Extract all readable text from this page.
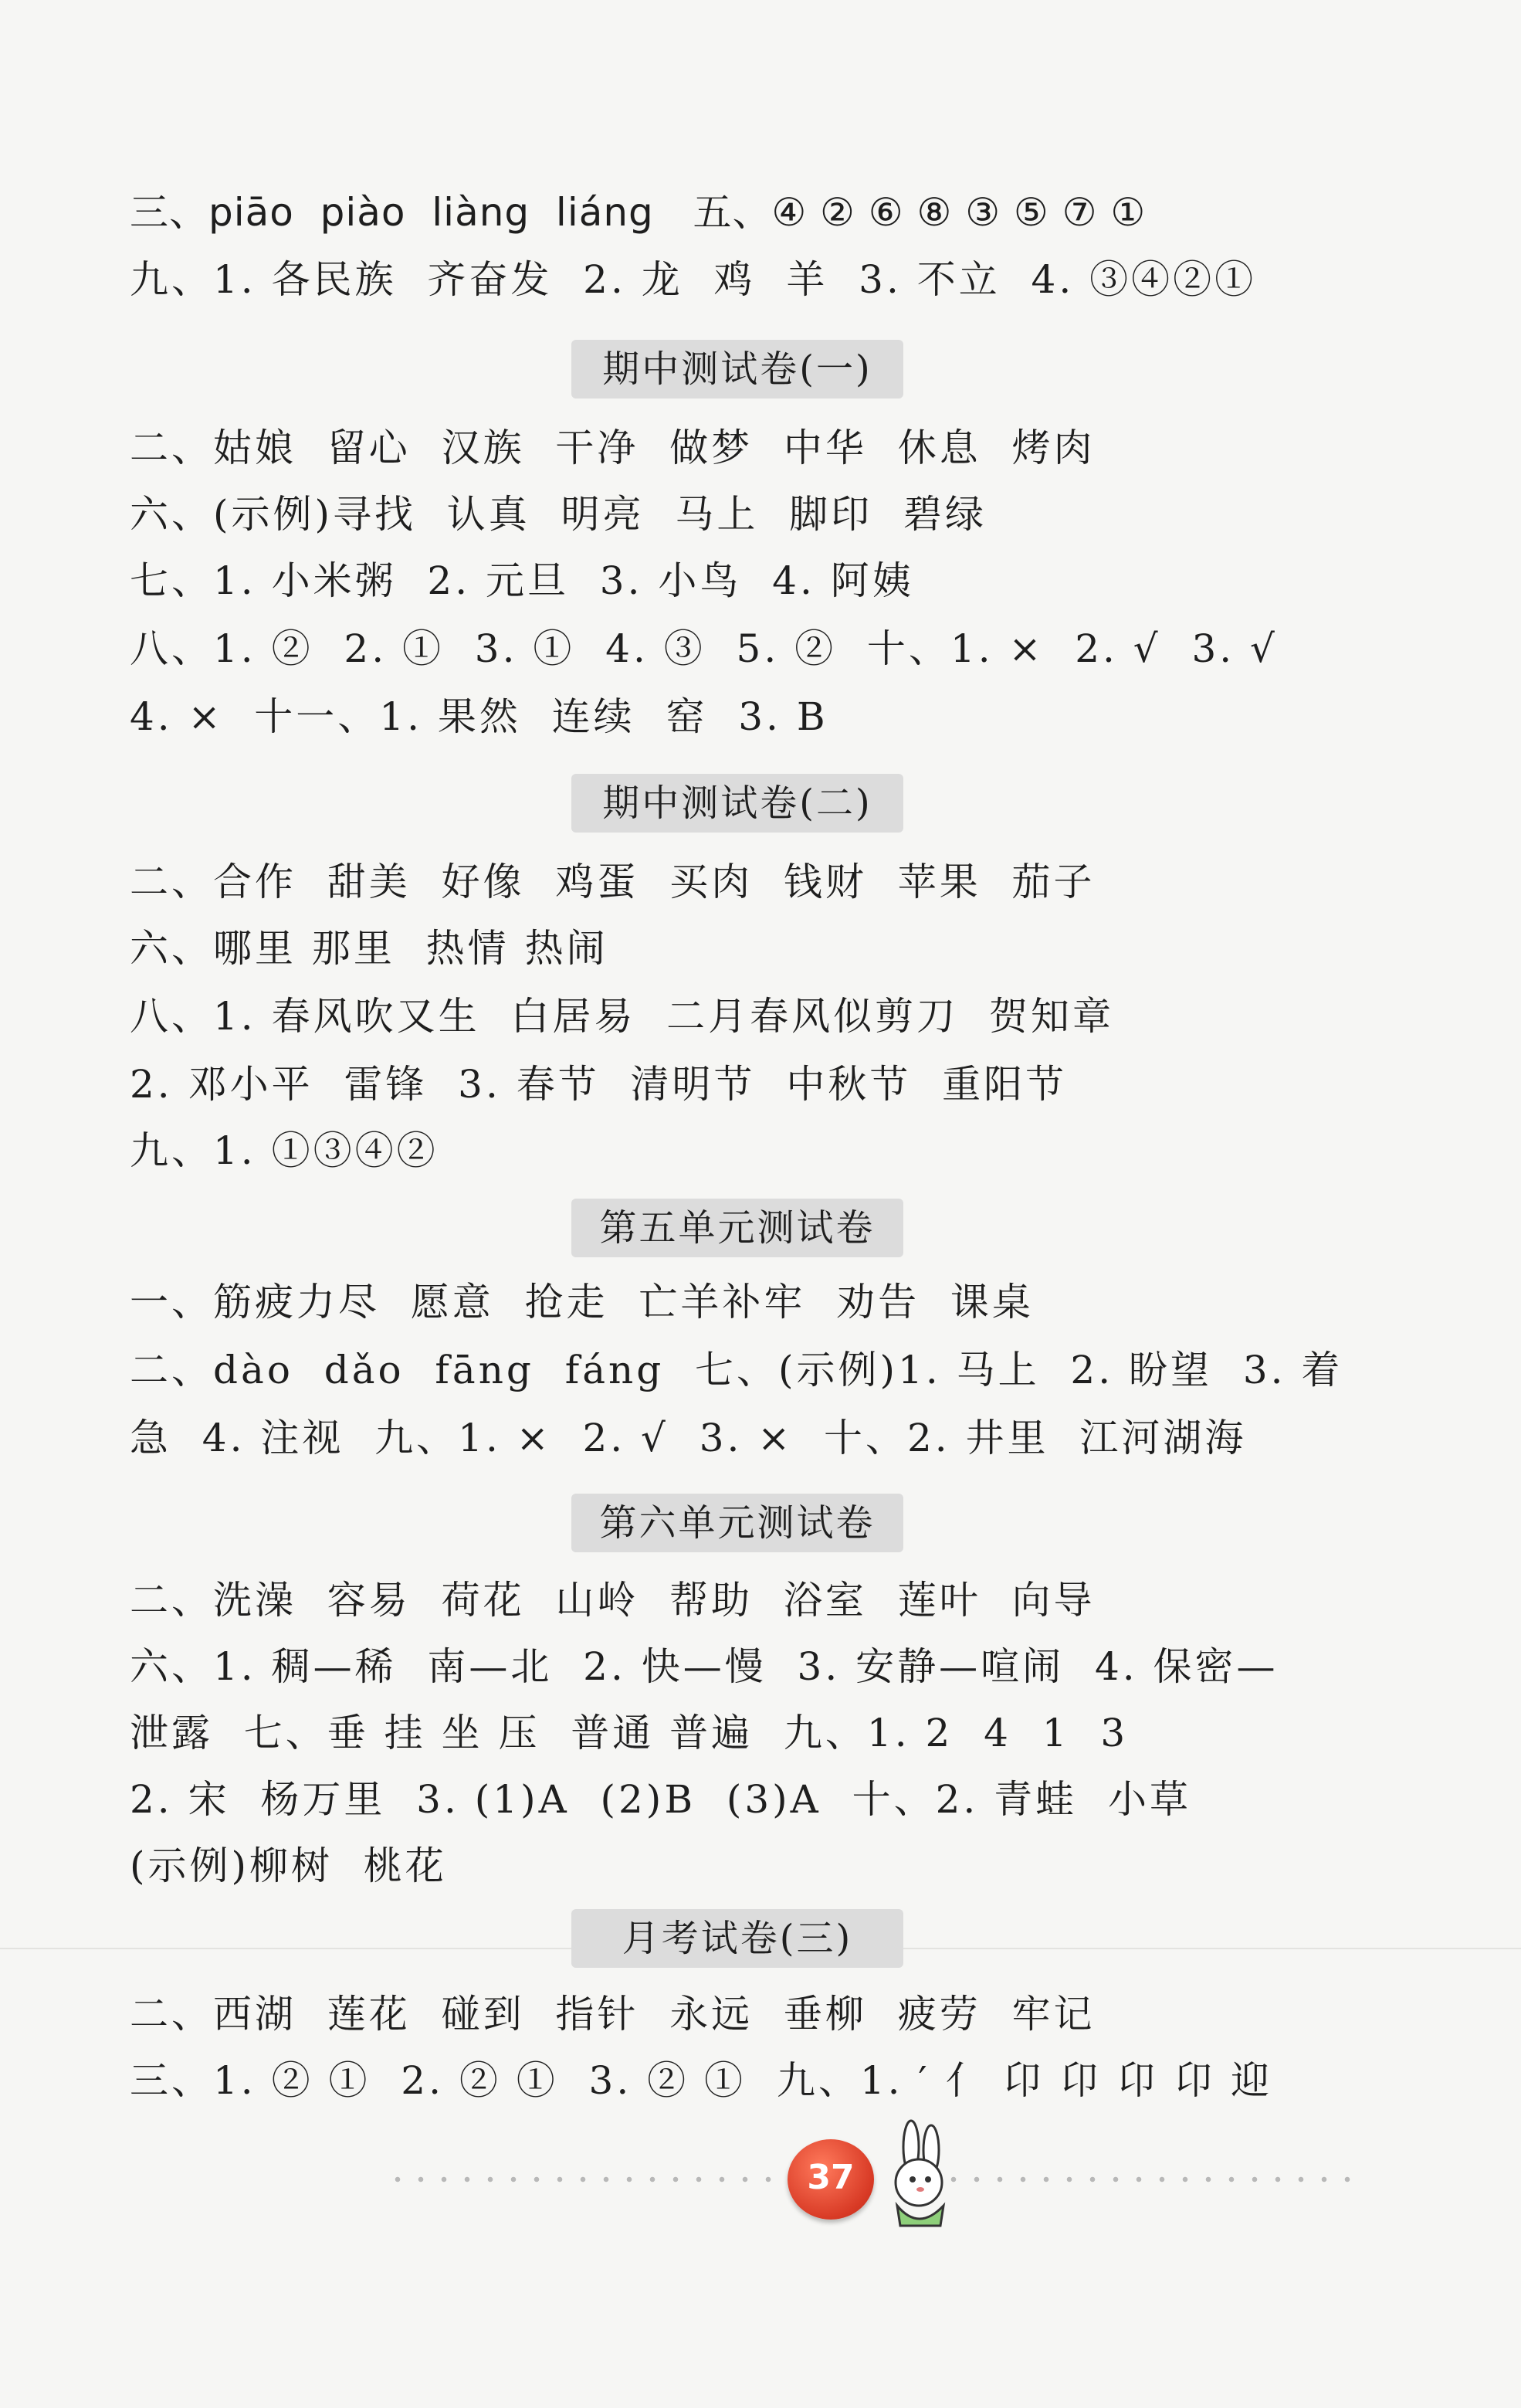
三、piāo  piào  liàng  liáng   五、④ ② ⑥ ⑧ ③ ⑤ ⑦ ①
九、1. 各民族  齐奋发  2. 龙  鸡  羊  3. 不立  4. ③④②①
期中测试卷(一)
二、姑娘  留心  汉族  干净  做梦  中华  休息  烤肉
六、(示例)寻找  认真  明亮  马上  脚印  碧绿
七、1. 小米粥  2. 元旦  3. 小鸟  4. 阿姨
八、1. ②  2. ①  3. ①  4. ③  5. ②  十、1. ×  2. √  3. √
4. ×  十一、1. 果然  连续  窑  3. B
期中测试卷(二)
二、合作  甜美  好像  鸡蛋  买肉  钱财  苹果  茄子
六、哪里 那里  热情 热闹
八、1. 春风吹又生  白居易  二月春风似剪刀  贺知章
2. 邓小平  雷锋  3. 春节  清明节  中秋节  重阳节
九、1. ①③④②
第五单元测试卷
一、筋疲力尽  愿意  抢走  亡羊补牢  劝告  课桌
二、dào  dǎo  fāng  fáng  七、(示例)1. 马上  2. 盼望  3. 着
急  4. 注视  九、1. ×  2. √  3. ×  十、2. 井里  江河湖海
第六单元测试卷
二、洗澡  容易  荷花  山岭  帮助  浴室  莲叶  向导
六、1. 稠—稀  南—北  2. 快—慢  3. 安静—喧闹  4. 保密—
泄露  七、垂 挂 坐 压  普通 普遍  九、1. 2  4  1  3
2. 宋  杨万里  3. (1)A  (2)B  (3)A  十、2. 青蛙  小草
(示例)柳树  桃花
月考试卷(三)
二、西湖  莲花  碰到  指针  永远  垂柳  疲劳  牢记
三、1. ② ①  2. ② ①  3. ② ①  九、1. ′ 亻 卬 卬 卬 卬 迎
37
